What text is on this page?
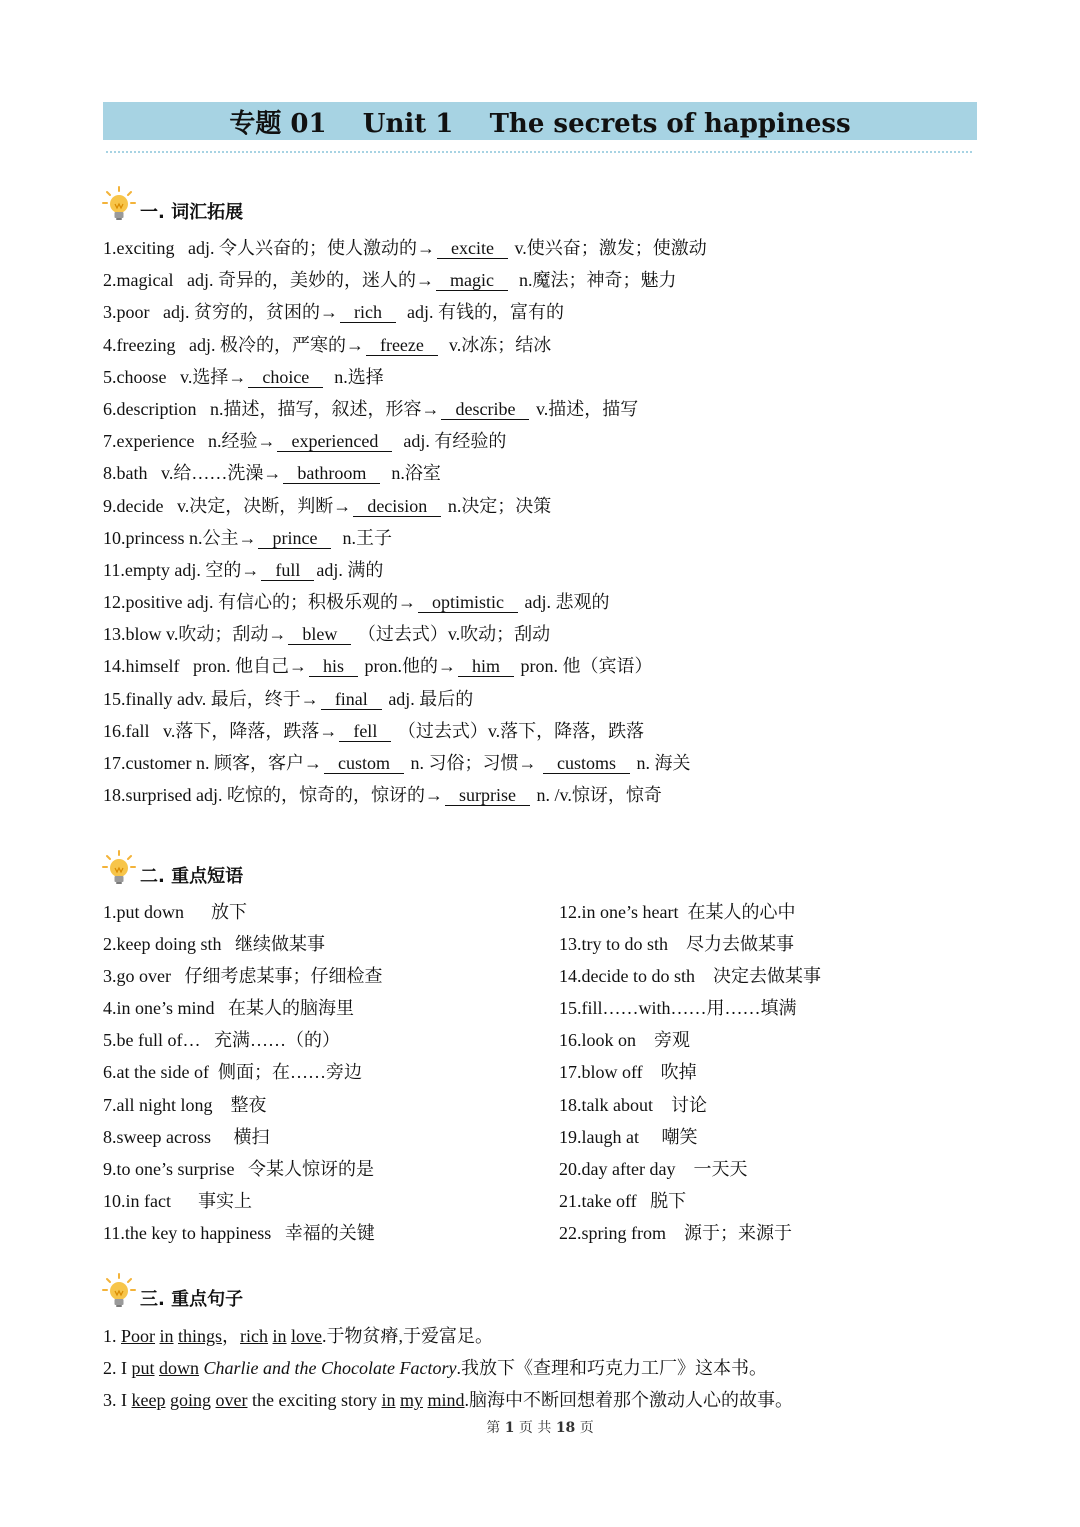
专题 01    Unit 1    The secrets of happiness
一. 词汇拓展
1.exciting   adj. 令人兴奋的；使人激动的→ excite v.使兴奋；激发；使激动
2.magical   adj. 奇异的，美妙的，迷人的→ magic  n.魔法；神奇；魅力
3.poor   adj. 贫穷的，贫困的→ rich  adj. 有钱的，富有的
4.freezing   adj. 极冷的，严寒的→ freeze  v.冰冻；结冰
5.choose   v.选择→ choice  n.选择
6.description   n.描述，描写，叙述，形容→ describe v.描述，描写
7.experience   n.经验→ experienced  adj. 有经验的
8.bath   v.给……洗澡→ bathroom  n.浴室
9.decide   v.决定，决断，判断→ decision n.决定；决策
10.princess n.公主→ prince  n.王子
11.empty adj. 空的→ full adj. 满的
12.positive adj. 有信心的；积极乐观的→ optimistic adj. 悲观的
13.blow v.吹动；刮动→ blew （过去式）v.吹动；刮动
14.himself   pron. 他自己→ his pron.他的→ him pron. 他（宾语）
15.finally adv. 最后，终于→ final adj. 最后的
16.fall   v.落下，降落，跌落→ fell （过去式）v.落下，降落，跌落
17.customer n. 顾客，客户→ custom n. 习俗；习惯→ customs n. 海关
18.surprised adj. 吃惊的，惊奇的，惊讶的→ surprise n. /v.惊讶，惊奇
二. 重点短语
1.put down      放下
2.keep doing sth   继续做某事
3.go over   仔细考虑某事；仔细检查
4.in one’s mind   在某人的脑海里
5.be full of…   充满……（的）
6.at the side of  侧面；在……旁边
7.all night long    整夜
8.sweep across     横扫
9.to one’s surprise   令某人惊讶的是
10.in fact      事实上
11.the key to happiness   幸福的关键
12.in one’s heart  在某人的心中
13.try to do sth    尽力去做某事
14.decide to do sth    决定去做某事
15.fill……with……用……填满
16.look on    旁观
17.blow off    吹掉
18.talk about    讨论
19.laugh at     嘲笑
20.day after day    一天天
21.take off   脱下
22.spring from    源于；来源于
三. 重点句子
1. Poor in things，rich in love.于物贫瘠,于爱富足。
2. I put down Charlie and the Chocolate Factory.我放下《查理和巧克力工厂》这本书。
3. I keep going over the exciting story in my mind.脑海中不断回想着那个激动人心的故事。
第 1 页 共 18 页
